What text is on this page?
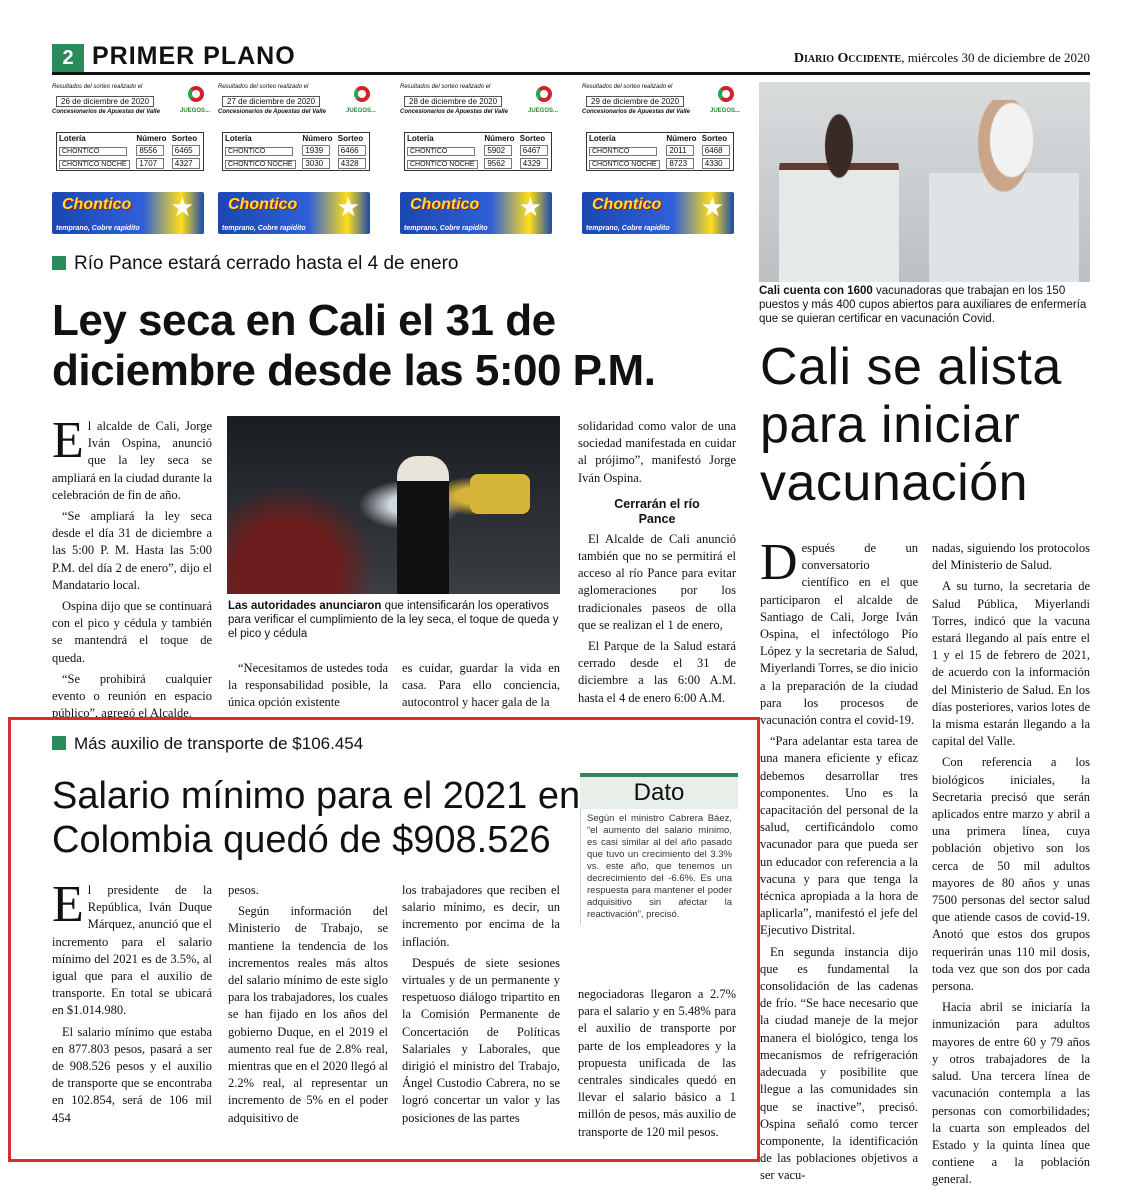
2 PRIMER PLANO	Diario Occidente, miércoles 30 de diciembre de 2020
Resultados del sorteo realizado el
26 de diciembre de 2020
Concesionarios de Apuestas del Valle	JUEGOS...
Lotería	Número	Sorteo
CHONTICO	8556	6465
CHONTICO NOCHE	1707	4327
Chontico ★
temprano, Cobre rapidito
Resultados del sorteo realizado el
27 de diciembre de 2020
Concesionarios de Apuestas del Valle	JUEGOS...
Lotería	Número	Sorteo
CHONTICO	1939	6466
CHONTICO NOCHE	3030	4328
Chontico ★
temprano, Cobre rapidito
Resultados del sorteo realizado el
28 de diciembre de 2020
Concesionarios de Apuestas del Valle	JUEGOS...
Lotería	Número	Sorteo
CHONTICO	5902	6467
CHONTICO NOCHE	9562	4329
Chontico ★
temprano, Cobre rapidito
Resultados del sorteo realizado el
29 de diciembre de 2020
Concesionarios de Apuestas del Valle	JUEGOS...
Lotería	Número	Sorteo
CHONTICO	2011	6468
CHONTICO NOCHE	8723	4330
Chontico ★
temprano, Cobre rapidito
Río Pance estará cerrado hasta el 4 de enero
Ley seca en Cali el 31 de diciembre desde las 5:00 P.M.
E l alcalde de Cali, Jorge Iván Ospina, anunció que la ley seca se ampliará en la ciudad durante la celebración de fin de año.

“Se ampliará la ley seca desde el día 31 de diciembre a las 5:00 P. M. Hasta las 5:00 P.M. del día 2 de enero”, dijo el Mandatario local.

Ospina dijo que se continuará con el pico y cédula y también se mantendrá el toque de queda.

“Se prohibirá cualquier evento o reunión en espacio público”, agregó el Alcalde.

Las autoridades anunciaron que intensificarán los operativos para verificar el cumplimiento de la ley seca, el toque de queda y el pico y cédula

“Necesitamos de ustedes toda la responsabilidad posible, la única opción existente

es cuidar, guardar la vida en casa. Para ello conciencia, autocontrol y hacer gala de la

solidaridad como valor de una sociedad manifestada en cuidar al prójimo”, manifestó Jorge Iván Ospina.

Cerrarán el río Pance

El Alcalde de Cali anunció también que no se permitirá el acceso al río Pance para evitar aglomeraciones por los tradicionales paseos de olla que se realizan el 1 de enero,

El Parque de la Salud estará cerrado desde el 31 de diciembre a las 6:00 A.M. hasta el 4 de enero 6:00 A.M.

Cali cuenta con 1600 vacunadoras que trabajan en los 150 puestos y más 400 cupos abiertos para auxiliares de enfermería que se quieran certificar en vacunación Covid.
Cali se alista para iniciar vacunación
D espués de un conversatorio científico en el que participaron el alcalde de Santiago de Cali, Jorge Iván Ospina, el infectólogo Pío López y la secretaria de Salud, Miyerlandi Torres, se dio inicio a la preparación de la ciudad para los procesos de vacunación contra el covid-19.

“Para adelantar esta tarea de una manera eficiente y eficaz debemos desarrollar tres componentes. Uno es la capacitación del personal de la salud, certificándolo como vacunador para que pueda ser un educador con referencia a la vacuna y para que tenga la técnica apropiada a la hora de aplicarla”, manifestó el jefe del Ejecutivo Distrital.

En segunda instancia dijo que es fundamental la consolidación de las cadenas de frío. “Se hace necesario que la ciudad maneje de la mejor manera el biológico, tenga los mecanismos de refrigeración adecuada y posibilite que llegue a las comunidades sin que se inactive”, precisó. Ospina señaló como tercer componente, la identificación de las poblaciones objetivos a ser vacu-

nadas, siguiendo los protocolos del Ministerio de Salud.

A su turno, la secretaria de Salud Pública, Miyerlandi Torres, indicó que la vacuna estará llegando al país entre el 1 y el 15 de febrero de 2021, de acuerdo con la información del Ministerio de Salud. En los días posteriores, varios lotes de la misma estarán llegando a la capital del Valle.

Con referencia a los biológicos iniciales, la Secretaria precisó que serán aplicados entre marzo y abril a una primera línea, cuya población objetivo son los cerca de 50 mil adultos mayores de 80 años y unas 7500 personas del sector salud que atiende casos de covid-19. Anotó que estos dos grupos requerirán unas 110 mil dosis, toda vez que son dos por cada persona.

Hacia abril se iniciaría la inmunización para adultos mayores de entre 60 y 79 años y otros trabajadores de la salud. Una tercera línea de vacunación contempla a las personas con comorbilidades; la cuarta son empleados del Estado y la quinta línea que contiene a la población general.

Más auxilio de transporte de $106.454
Salario mínimo para el 2021 en Colombia quedó de $908.526
Dato
Según el ministro Cabrera Báez, “el aumento del salario mínimo, es casi similar al del año pasado que tuvo un crecimiento del 3.3% vs. este año, que tenemos un decrecimiento del -6.6%. Es una respuesta para mantener el poder adquisitivo sin afectar la reactivación”, precisó.
E l presidente de la República, Iván Duque Márquez, anunció que el incremento para el salario mínimo del 2021 es de 3.5%, al igual que para el auxilio de transporte. En total se ubicará en $1.014.980.

El salario mínimo que estaba en 877.803 pesos, pasará a ser de 908.526 pesos y el auxilio de transporte que se encontraba en 102.854, será de 106 mil 454

pesos.

Según información del Ministerio de Trabajo, se mantiene la tendencia de los incrementos reales más altos del salario mínimo de este siglo para los trabajadores, los cuales se han fijado en los años del gobierno Duque, en el 2019 el aumento real fue de 2.8% real, mientras que en el 2020 llegó al 2.2% real, al representar un incremento de 5% en el poder adquisitivo de

los trabajadores que reciben el salario mínimo, es decir, un incremento por encima de la inflación.

Después de siete sesiones virtuales y de un permanente y respetuoso diálogo tripartito en la Comisión Permanente de Concertación de Políticas Salariales y Laborales, que dirigió el ministro del Trabajo, Ángel Custodio Cabrera, no se logró concertar un valor y las posiciones de las partes

negociadoras llegaron a 2.7% para el salario y en 5.48% para el auxilio de transporte por parte de los empleadores y la propuesta unificada de las centrales sindicales quedó en llevar el salario básico a 1 millón de pesos, más auxilio de transporte de 120 mil pesos.
